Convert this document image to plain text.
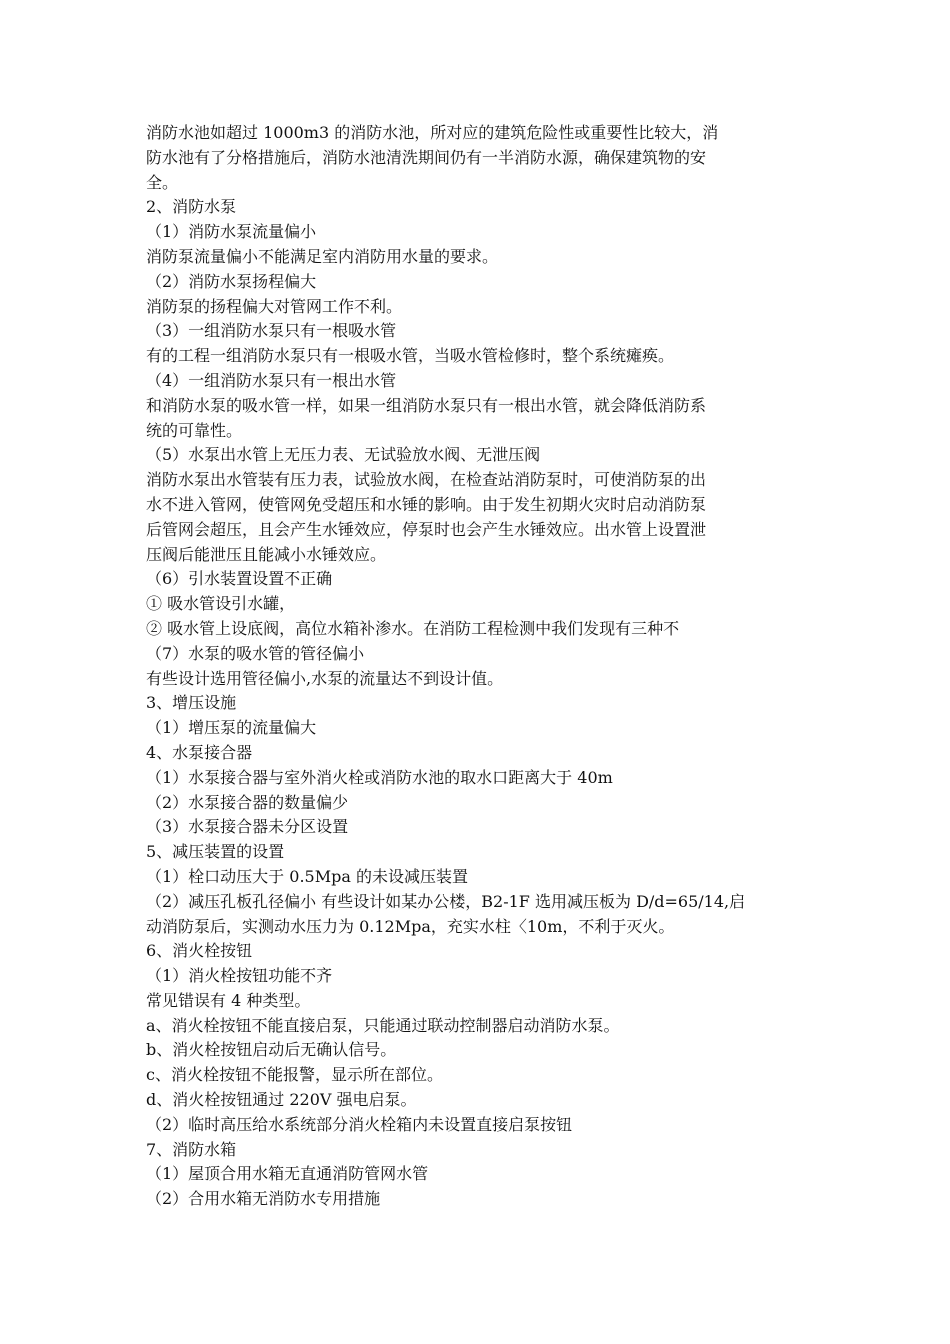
消防水池如超过 1000m3 的消防水池，所对应的建筑危险性或重要性比较大，消

防水池有了分格措施后，消防水池清洗期间仍有一半消防水源，确保建筑物的安

全。

2、消防水泵

（1）消防水泵流量偏小

消防泵流量偏小不能满足室内消防用水量的要求。

（2）消防水泵扬程偏大

消防泵的扬程偏大对管网工作不利。

（3）一组消防水泵只有一根吸水管

有的工程一组消防水泵只有一根吸水管，当吸水管检修时，整个系统瘫痪。

（4）一组消防水泵只有一根出水管

和消防水泵的吸水管一样，如果一组消防水泵只有一根出水管，就会降低消防系

统的可靠性。

（5）水泵出水管上无压力表、无试验放水阀、无泄压阀

消防水泵出水管装有压力表，试验放水阀，在检查站消防泵时，可使消防泵的出

水不进入管网，使管网免受超压和水锤的影响。由于发生初期火灾时启动消防泵

后管网会超压，且会产生水锤效应，停泵时也会产生水锤效应。出水管上设置泄

压阀后能泄压且能减小水锤效应。

（6）引水装置设置不正确

① 吸水管设引水罐，

② 吸水管上设底阀，高位水箱补渗水。在消防工程检测中我们发现有三种不

（7）水泵的吸水管的管径偏小

有些设计选用管径偏小,水泵的流量达不到设计值。

3、增压设施

（1）增压泵的流量偏大

4、水泵接合器

（1）水泵接合器与室外消火栓或消防水池的取水口距离大于 40m

（2）水泵接合器的数量偏少

（3）水泵接合器未分区设置

5、减压装置的设置

（1）栓口动压大于 0.5Mpa 的未设减压装置

（2）减压孔板孔径偏小 有些设计如某办公楼，B2-1F 选用减压板为 D/d=65/14,启

动消防泵后，实测动水压力为 0.12Mpa，充实水柱〈10m，不利于灭火。

6、消火栓按钮

（1）消火栓按钮功能不齐

常见错误有 4 种类型。

a、消火栓按钮不能直接启泵，只能通过联动控制器启动消防水泵。

b、消火栓按钮启动后无确认信号。

c、消火栓按钮不能报警，显示所在部位。

d、消火栓按钮通过 220V 强电启泵。

（2）临时高压给水系统部分消火栓箱内未设置直接启泵按钮

7、消防水箱

（1）屋顶合用水箱无直通消防管网水管

（2）合用水箱无消防水专用措施
